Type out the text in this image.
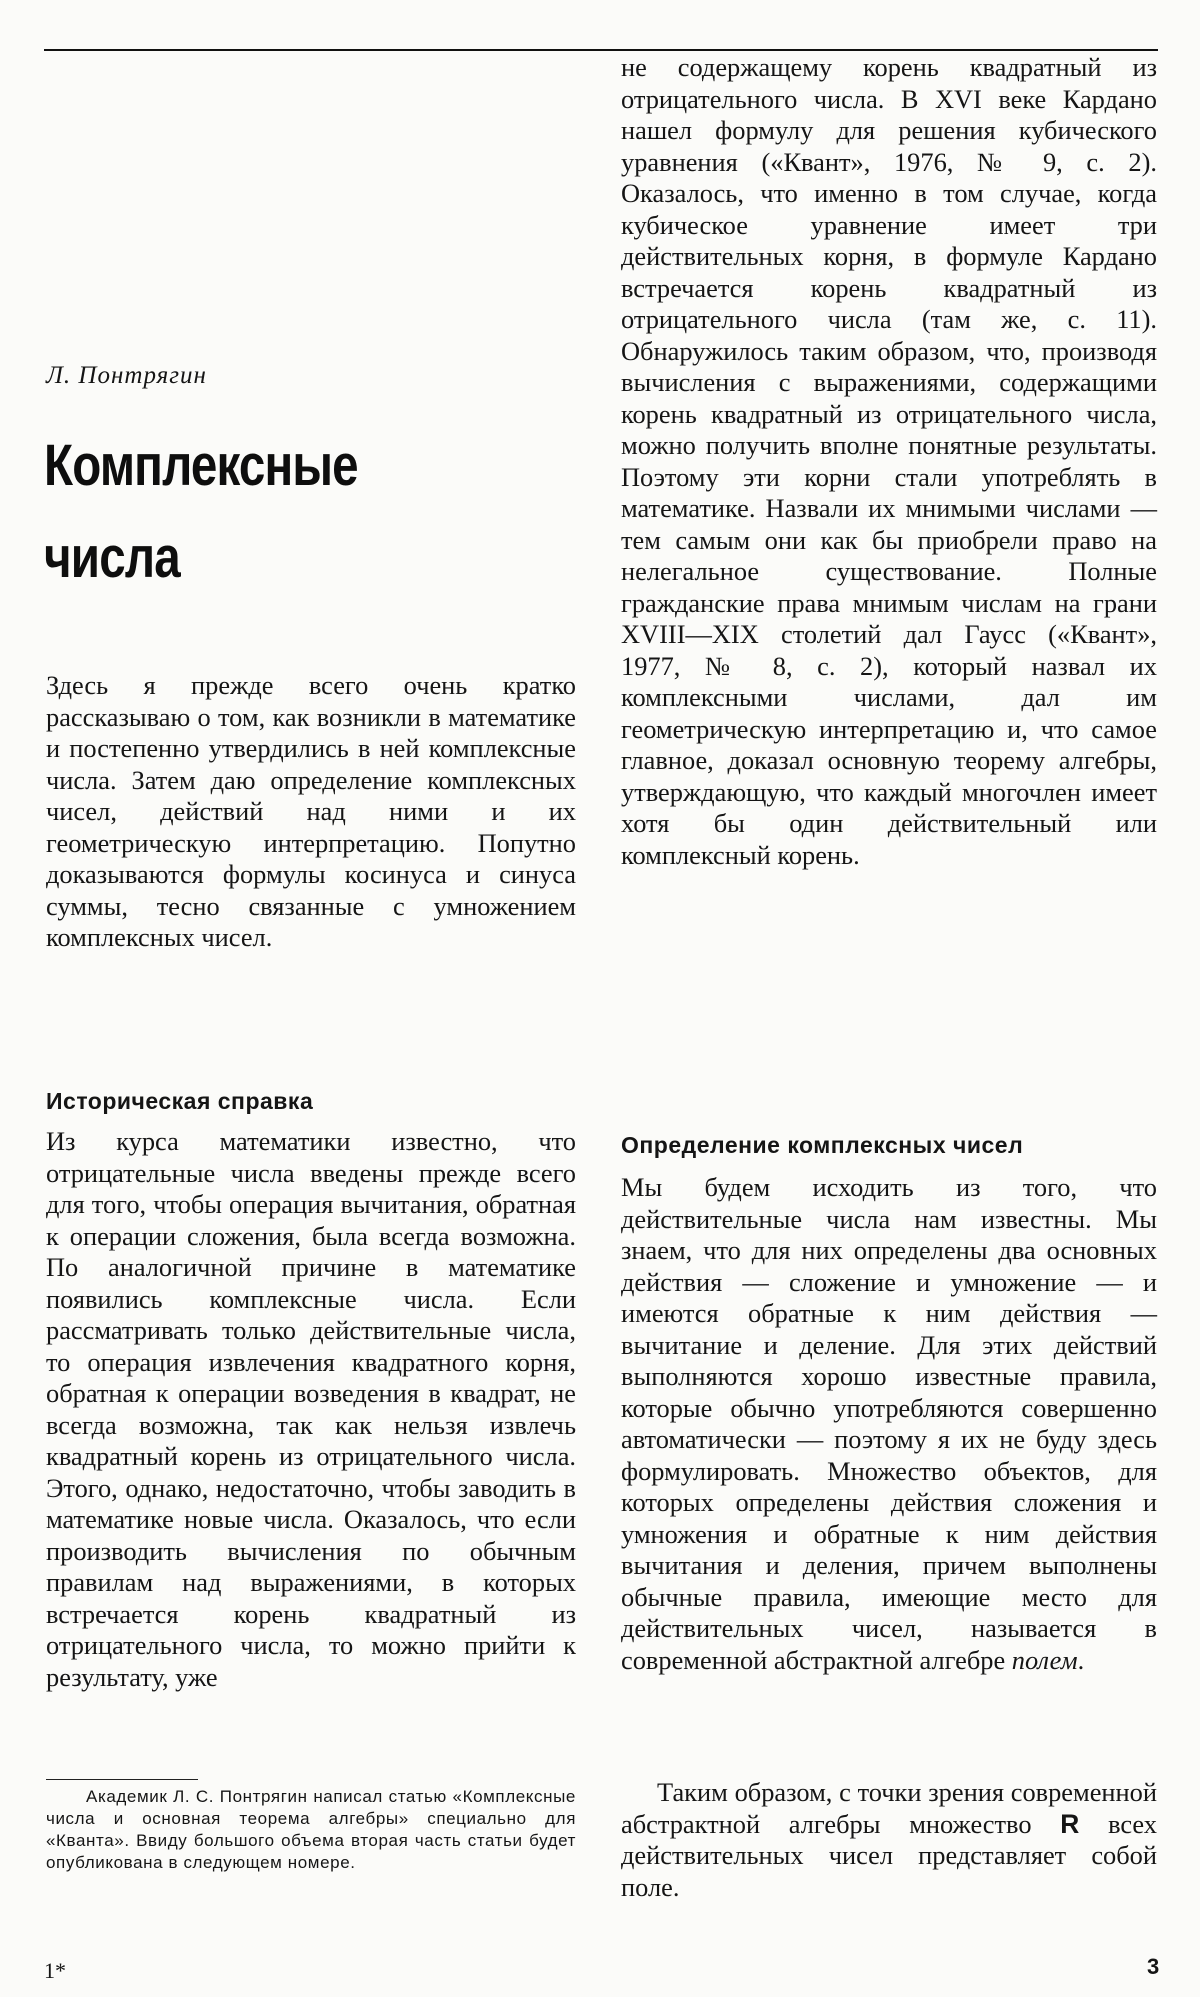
Л. Понтрягин

Комплексные
числа

Здесь я прежде всего очень кратко рассказываю о том, как возникли в математике и постепенно утвердились в ней комплексные числа. Затем даю определение комплексных чисел, действий над ними и их геометрическую интерпретацию. Попутно доказываются формулы косинуса и синуса суммы, тесно связанные с умножением комплексных чисел.

Историческая справка

Из курса математики известно, что отрицательные числа введены прежде всего для того, чтобы операция вычитания, обратная к операции сложения, была всегда возможна. По аналогичной причине в математике появились комплексные числа. Если рассматривать только действительные числа, то операция извлечения квадратного корня, обратная к операции возведения в квадрат, не всегда возможна, так как нельзя извлечь квадратный корень из отрицательного числа. Этого, однако, недостаточно, чтобы заводить в математике новые числа. Оказалось, что если производить вычисления по обычным правилам над выражениями, в которых встречается корень квадратный из отрицательного числа, то можно прийти к результату, уже

Академик Л. С. Понтрягин написал статью «Комплексные числа и основная теорема алгебры» специально для «Кванта». Ввиду большого объема вторая часть статьи будет опубликована в следующем номере.

не содержащему корень квадратный из отрицательного числа. В XVI веке Кардано нашел формулу для решения кубического уравнения («Квант», 1976, № 9, с. 2). Оказалось, что именно в том случае, когда кубическое уравнение имеет три действительных корня, в формуле Кардано встречается корень квадратный из отрицательного числа (там же, с. 11). Обнаружилось таким образом, что, производя вычисления с выражениями, содержащими корень квадратный из отрицательного числа, можно получить вполне понятные результаты. Поэтому эти корни стали употреблять в математике. Назвали их мнимыми числами — тем самым они как бы приобрели право на нелегальное существование. Полные гражданские права мнимым числам на грани XVIII—XIX столетий дал Гаусс («Квант», 1977, № 8, с. 2), который назвал их комплексными числами, дал им геометрическую интерпретацию и, что самое главное, доказал основную теорему алгебры, утверждающую, что каждый многочлен имеет хотя бы один действительный или комплексный корень.

Определение комплексных чисел

Мы будем исходить из того, что действительные числа нам известны. Мы знаем, что для них определены два основных действия — сложение и умножение — и имеются обратные к ним действия — вычитание и деление. Для этих действий выполняются хорошо известные правила, которые обычно употребляются совершенно автоматически — поэтому я их не буду здесь формулировать. Множество объектов, для которых определены действия сложения и умножения и обратные к ним действия вычитания и деления, причем выполнены обычные правила, имеющие место для действительных чисел, называется в современной абстрактной алгебре полем.

Таким образом, с точки зрения современной абстрактной алгебры множество R всех действительных чисел представляет собой поле.

1*	3
